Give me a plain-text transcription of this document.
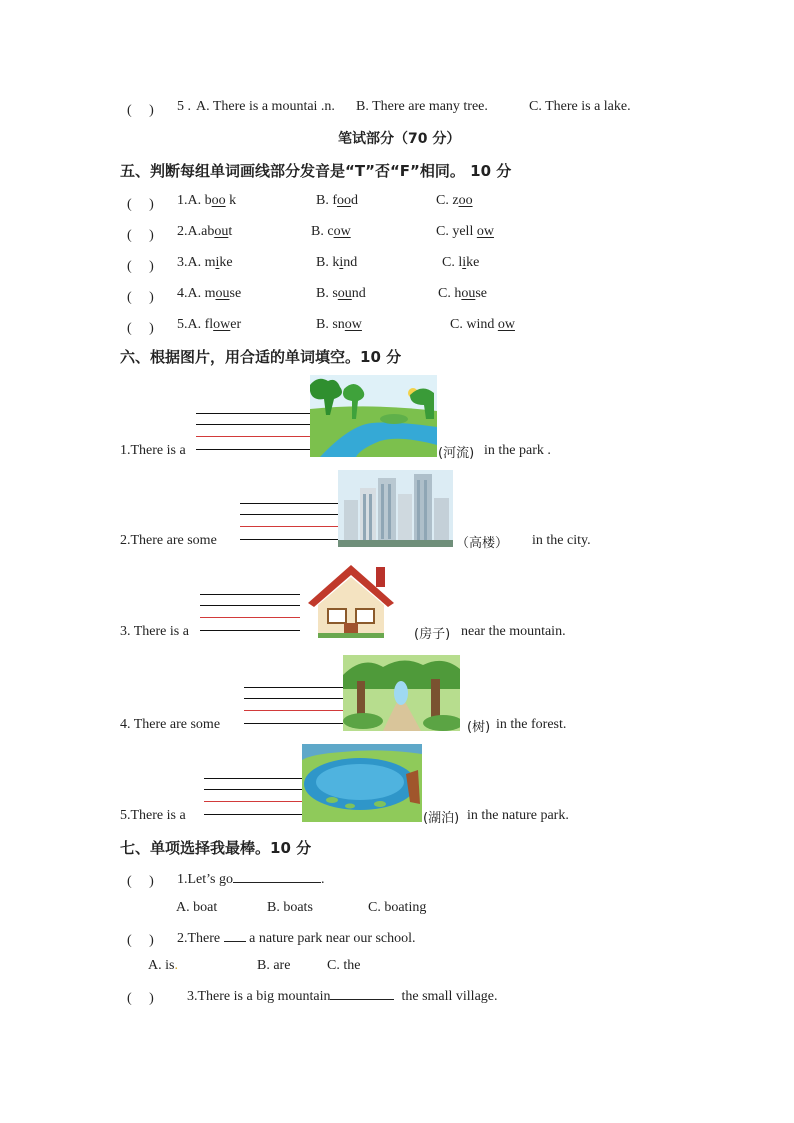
(　 ) 5 . A. There is a mountai .n. B. There are many tree.	C. There is a lake.
笔试部分（70 分）
五、判断每组单词画线部分发音是“T”否“F”相同。 10 分
(　 ) 1.A. boo k	B. food	C. zoo
(　 ) 2.A.about	B. cow	C. yell ow
(　 ) 3.A. mike	B. kind	C. like
(　 ) 4.A. mouse	B. sound	C. house
(　 ) 5.A. flower	B. snow	C. wind ow
六、根据图片，用合适的单词填空。10 分
1.There is a	(河流) in the park .
2.There are some	（高楼） in the city.
3. There is a	(房子) near the mountain.
4. There are some	(树) in the forest.
5.There is a	(湖泊) in the nature park.
七、单项选择我最棒。10 分
(　 ) 1.Let’s go	.
A. boat	B. boats	C. boating
(　 ) 2.There a nature park near our school.
A. is.	B. are	C. the
(　 ) 3.There is a big mountain	the small village.
